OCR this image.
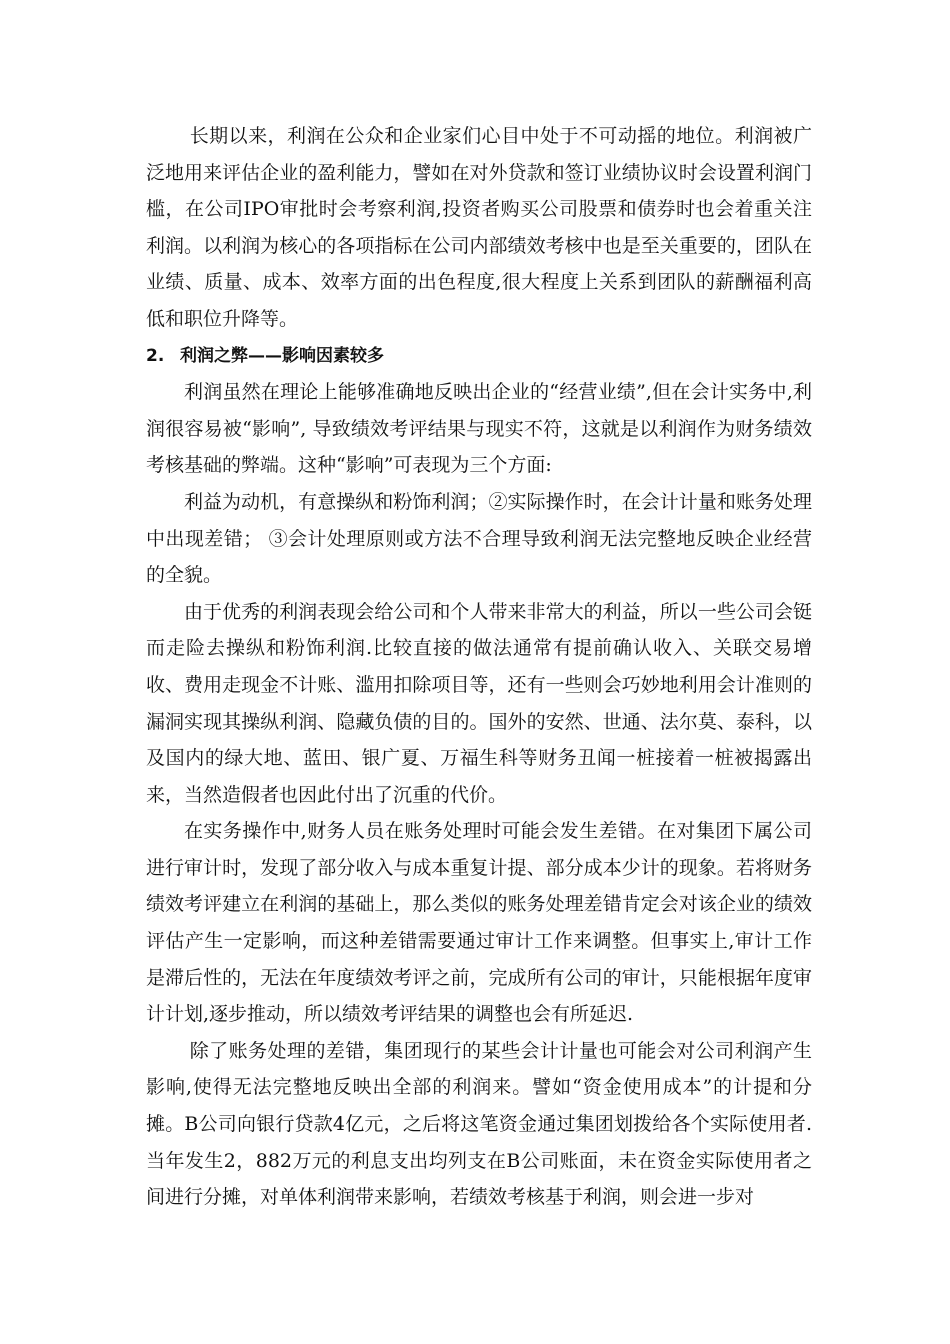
长期以来，利润在公众和企业家们心目中处于不可动摇的地位。利润被广泛地用来评估企业的盈利能力，譬如在对外贷款和签订业绩协议时会设置利润门槛，在公司IPO审批时会考察利润,投资者购买公司股票和债券时也会着重关注利润。以利润为核心的各项指标在公司内部绩效考核中也是至关重要的，团队在业绩、质量、成本、效率方面的出色程度,很大程度上关系到团队的薪酬福利高低和职位升降等。

2. 利润之弊——影响因素较多

利润虽然在理论上能够准确地反映出企业的“经营业绩”,但在会计实务中,利润很容易被“影响”, 导致绩效考评结果与现实不符，这就是以利润作为财务绩效考核基础的弊端。这种“影响”可表现为三个方面:

利益为动机，有意操纵和粉饰利润；②实际操作时，在会计计量和账务处理中出现差错； ③会计处理原则或方法不合理导致利润无法完整地反映企业经营的全貌。

由于优秀的利润表现会给公司和个人带来非常大的利益，所以一些公司会铤而走险去操纵和粉饰利润.比较直接的做法通常有提前确认收入、关联交易增收、费用走现金不计账、滥用扣除项目等，还有一些则会巧妙地利用会计准则的漏洞实现其操纵利润、隐藏负债的目的。国外的安然、世通、法尔莫、泰科，以及国内的绿大地、蓝田、银广夏、万福生科等财务丑闻一桩接着一桩被揭露出来，当然造假者也因此付出了沉重的代价。

在实务操作中,财务人员在账务处理时可能会发生差错。在对集团下属公司进行审计时，发现了部分收入与成本重复计提、部分成本少计的现象。若将财务绩效考评建立在利润的基础上，那么类似的账务处理差错肯定会对该企业的绩效评估产生一定影响，而这种差错需要通过审计工作来调整。但事实上,审计工作是滞后性的，无法在年度绩效考评之前，完成所有公司的审计，只能根据年度审计计划,逐步推动，所以绩效考评结果的调整也会有所延迟.

除了账务处理的差错，集团现行的某些会计计量也可能会对公司利润产生影响,使得无法完整地反映出全部的利润来。譬如“资金使用成本”的计提和分摊。B公司向银行贷款4亿元，之后将这笔资金通过集团划拨给各个实际使用者.当年发生2，882万元的利息支出均列支在B公司账面，未在资金实际使用者之间进行分摊，对单体利润带来影响，若绩效考核基于利润，则会进一步对
